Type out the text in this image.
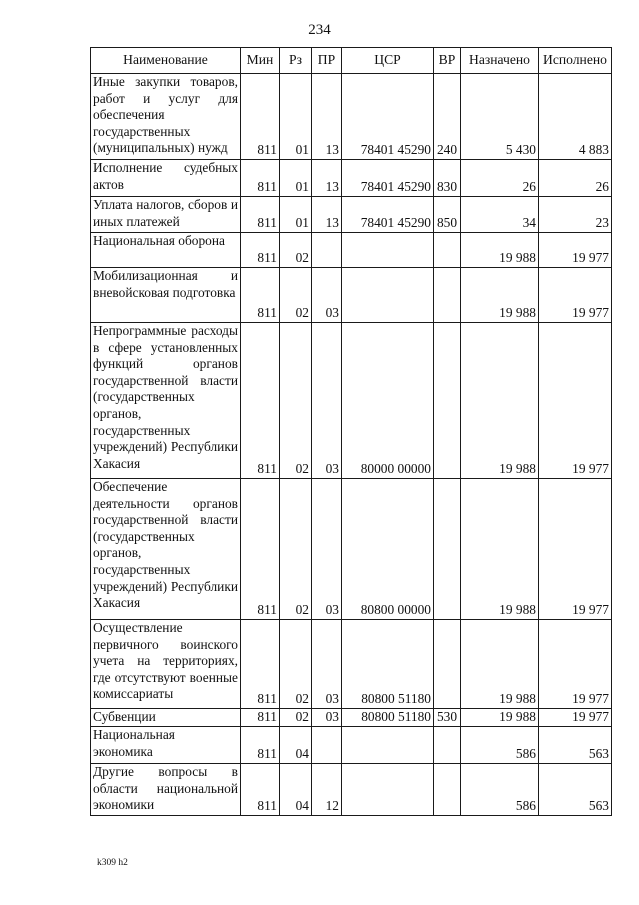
234
Наименование	Мин	Рз	ПР	ЦСР	ВР	Назначено	Исполнено
Иные закупки товаров, работ и услуг для обеспечения государственных (муниципальных) нужд	811	01	13	78401 45290	240	5 430	4 883
Исполнение судебных актов	811	01	13	78401 45290	830	26	26
Уплата налогов, сборов и иных платежей	811	01	13	78401 45290	850	34	23
Национальная оборона	811	02				19 988	19 977
Мобилизационная и вневойсковая подготовка	811	02	03			19 988	19 977
Непрограммные расходы в сфере установленных функций органов государственной власти (государственных органов, государственных учреждений) Республики Хакасия	811	02	03	80000 00000		19 988	19 977
Обеспечение деятельности органов государственной власти (государственных органов, государственных учреждений) Республики Хакасия	811	02	03	80800 00000		19 988	19 977
Осуществление первичного воинского учета на территориях, где отсутствуют военные комиссариаты	811	02	03	80800 51180		19 988	19 977
Субвенции	811	02	03	80800 51180	530	19 988	19 977
Национальная экономика	811	04				586	563
Другие вопросы в области национальной экономики	811	04	12			586	563
k309 h2
